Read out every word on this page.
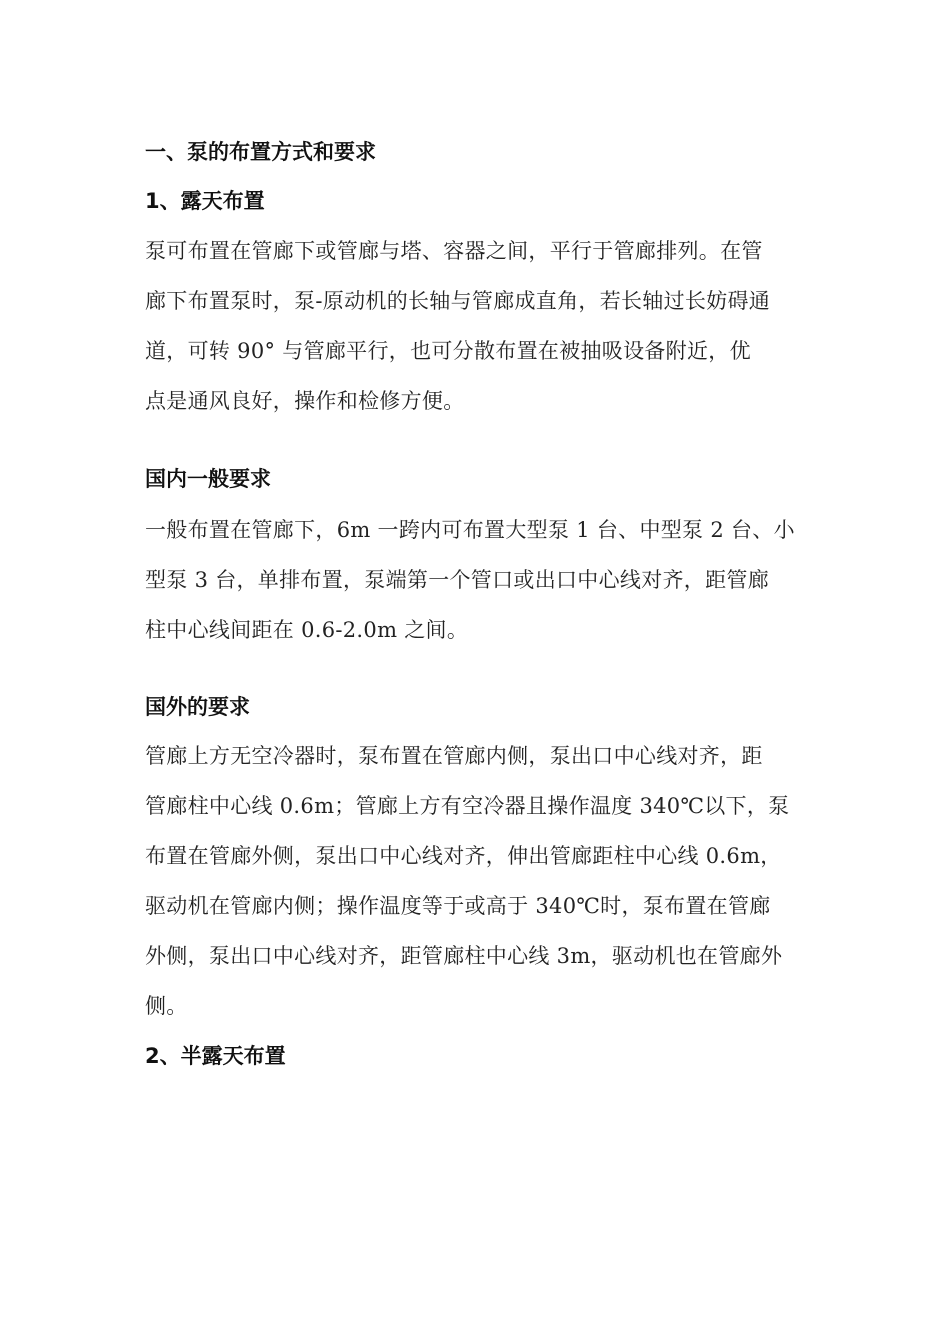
一、泵的布置方式和要求
1、露天布置
泵可布置在管廊下或管廊与塔、容器之间，平行于管廊排列。在管
廊下布置泵时，泵-原动机的长轴与管廊成直角，若长轴过长妨碍通
道，可转 90° 与管廊平行，也可分散布置在被抽吸设备附近，优
点是通风良好，操作和检修方便。
国内一般要求
一般布置在管廊下，6m 一跨内可布置大型泵 1 台、中型泵 2 台、小
型泵 3 台，单排布置，泵端第一个管口或出口中心线对齐，距管廊
柱中心线间距在 0.6-2.0m 之间。
国外的要求
管廊上方无空冷器时，泵布置在管廊内侧，泵出口中心线对齐，距
管廊柱中心线 0.6m；管廊上方有空冷器且操作温度 340℃以下，泵
布置在管廊外侧，泵出口中心线对齐，伸出管廊距柱中心线 0.6m，
驱动机在管廊内侧；操作温度等于或高于 340℃时，泵布置在管廊
外侧，泵出口中心线对齐，距管廊柱中心线 3m，驱动机也在管廊外
侧。
2、半露天布置
